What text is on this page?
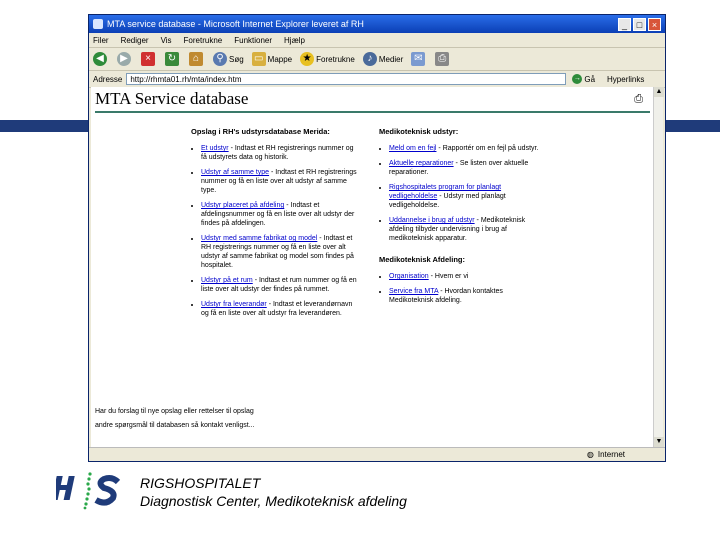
MTA service database - Microsoft Internet Explorer leveret af RH	_	□	×
Filer Rediger Vis Foretrukne Funktioner Hjælp
◀	▶	×	↻	⌂	⚲ Søg ▭ Mappe ★ Foretrukne	♪ Medier ✉	⎙
Adresse	http://rhmta01.rh/mta/index.htm	→ Gå Hyperlinks
MTA Service database	⎙
Opslag i RH's udstyrsdatabase Merida:
• Et udstyr - Indtast et RH registrerings nummer og få udstyrets data og historik.
• Udstyr af samme type - Indtast et RH registrerings nummer og få en liste over alt udstyr af samme type.
• Udstyr placeret på afdeling - Indtast et afdelingsnummer og få en liste over alt udstyr der findes på afdelingen.
• Udstyr med samme fabrikat og model - Indtast et RH registrerings nummer og få en liste over alt udstyr af samme fabrikat og model som findes på hospitalet.
• Udstyr på et rum - Indtast et rum nummer og få en liste over alt udstyr der findes på rummet.
• Udstyr fra leverandør - Indtast et leverandørnavn og få en liste over alt udstyr fra leverandøren.
Medikoteknisk udstyr:
• Meld om en fejl - Rapportér om en fejl på udstyr.
• Aktuelle reparationer - Se listen over aktuelle reparationer.
• Rigshospitalets program for planlagt vedligeholdelse - Udstyr med planlagt vedligeholdelse.
• Uddannelse i brug af udstyr - Medikoteknisk afdeling tilbyder undervisning i brug af medikoteknisk apparatur.
Medikoteknisk Afdeling:
• Organisation - Hvem er vi
• Service fra MTA - Hvordan kontaktes Medikoteknisk afdeling.
Har du forslag til nye opslag eller rettelser til opslag
andre spørgsmål til databasen så kontakt venligst...
▲
▼
◍ Internet
RIGSHOSPITALET
Diagnostisk Center, Medikoteknisk afdeling
